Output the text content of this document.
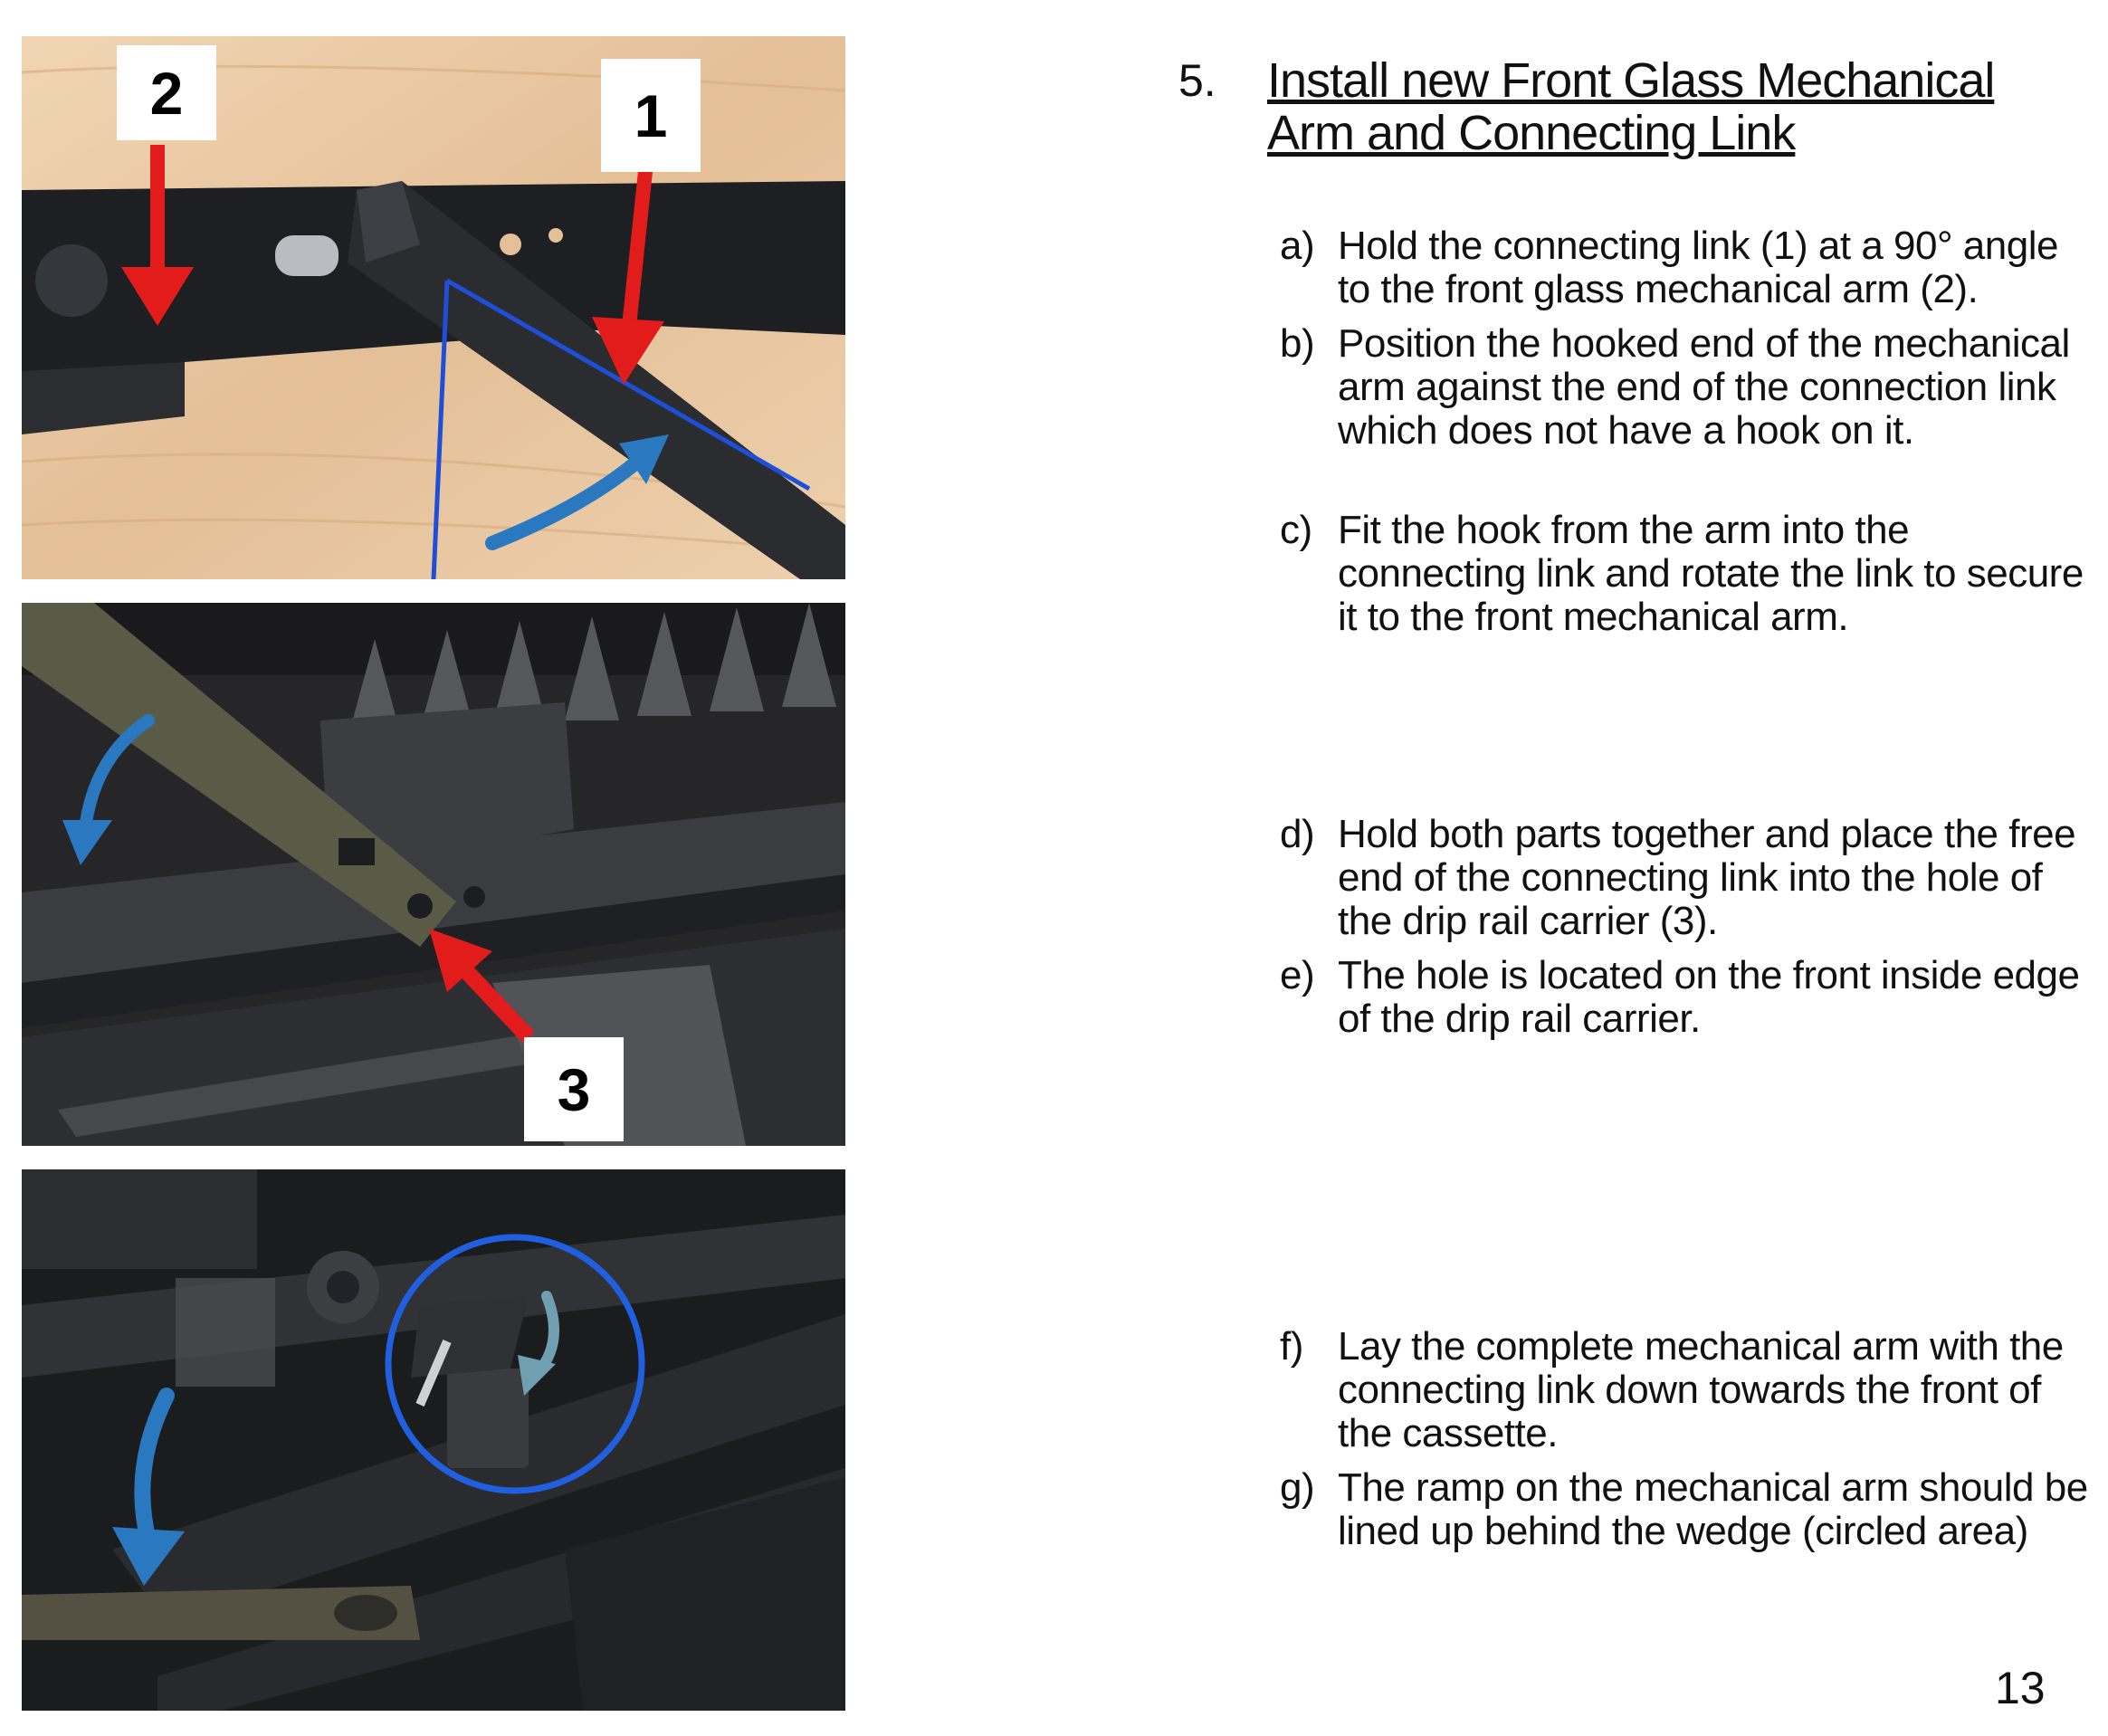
2	1
3
5. Install new Front Glass Mechanical Arm and Connecting Link
a) Hold the connecting link (1) at a 90° angle to the front glass mechanical arm (2).
b) Position the hooked end of the mechanical arm against the end of the connection link which does not have a hook on it.
c) Fit the hook from the arm into the connecting link and rotate the link to secure it to the front mechanical arm.
d) Hold both parts together and place the free end of the connecting link into the hole of the drip rail carrier (3).
e) The hole is located on the front inside edge of the drip rail carrier.
f) Lay the complete mechanical arm with the connecting link down towards the front of the cassette.
g) The ramp on the mechanical arm should be lined up behind the wedge (circled area)
13
